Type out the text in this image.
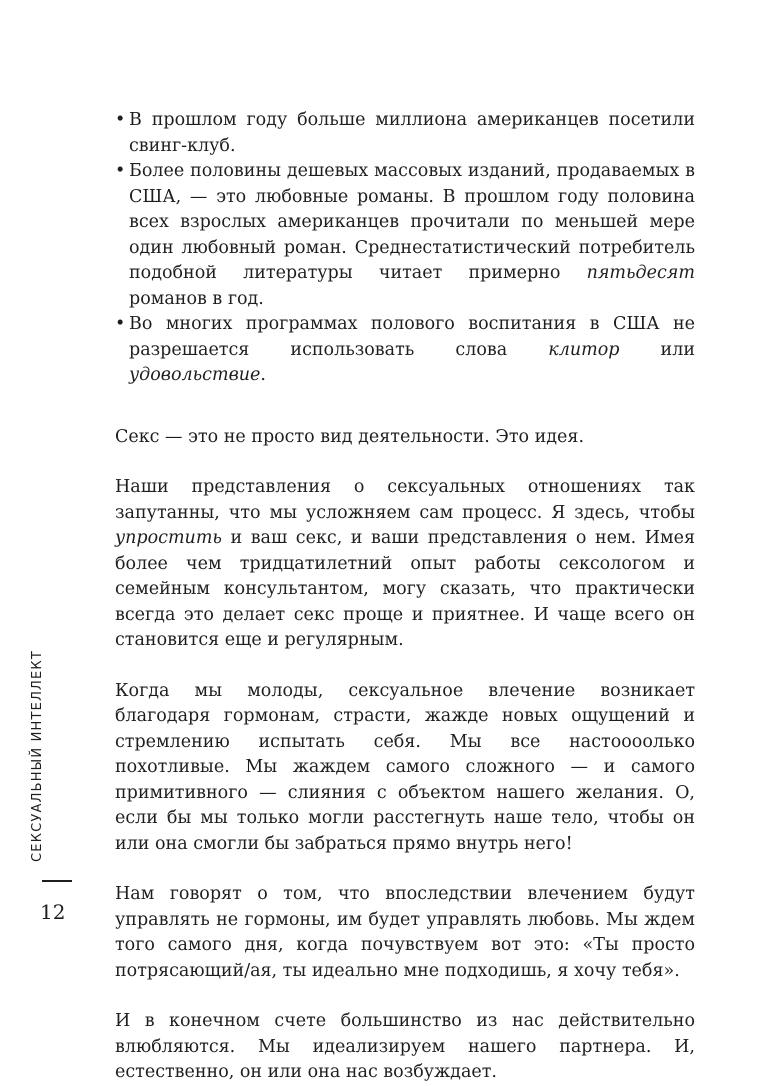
• В прошлом году больше миллиона американцев посетили свинг-клуб.
• Более половины дешевых массовых изданий, продаваемых в США, — это любовные романы. В прошлом году половина всех взрослых американцев прочитали по меньшей мере один любовный роман. Среднестатистический потребитель подобной литературы читает примерно пятьдесят романов в год.
• Во многих программах полового воспитания в США не разрешается использовать слова клитор или удовольствие.

Секс — это не просто вид деятельности. Это идея.

Наши представления о сексуальных отношениях так запутанны, что мы усложняем сам процесс. Я здесь, чтобы упростить и ваш секс, и ваши представления о нем. Имея более чем тридцатилетний опыт работы сексологом и семейным консультантом, могу сказать, что практически всегда это делает секс проще и приятнее. И чаще всего он становится еще и регулярным.

Когда мы молоды, сексуальное влечение возникает благодаря гормонам, страсти, жажде новых ощущений и стремлению испытать себя. Мы все настоооолько похотливые. Мы жаждем самого сложного — и самого примитивного — слияния с объектом нашего желания. О, если бы мы только могли расстегнуть наше тело, чтобы он или она смогли бы забраться прямо внутрь него!

Нам говорят о том, что впоследствии влечением будут управлять не гормоны, им будет управлять любовь. Мы ждем того самого дня, когда почувствуем вот это: «Ты просто потрясающий/ая, ты идеально мне подходишь, я хочу тебя».

И в конечном счете большинство из нас действительно влюбляются. Мы идеализируем нашего партнера. И, естественно, он или она нас возбуждает.

СЕКСУАЛЬНЫЙ ИНТЕЛЛЕКТ
12
